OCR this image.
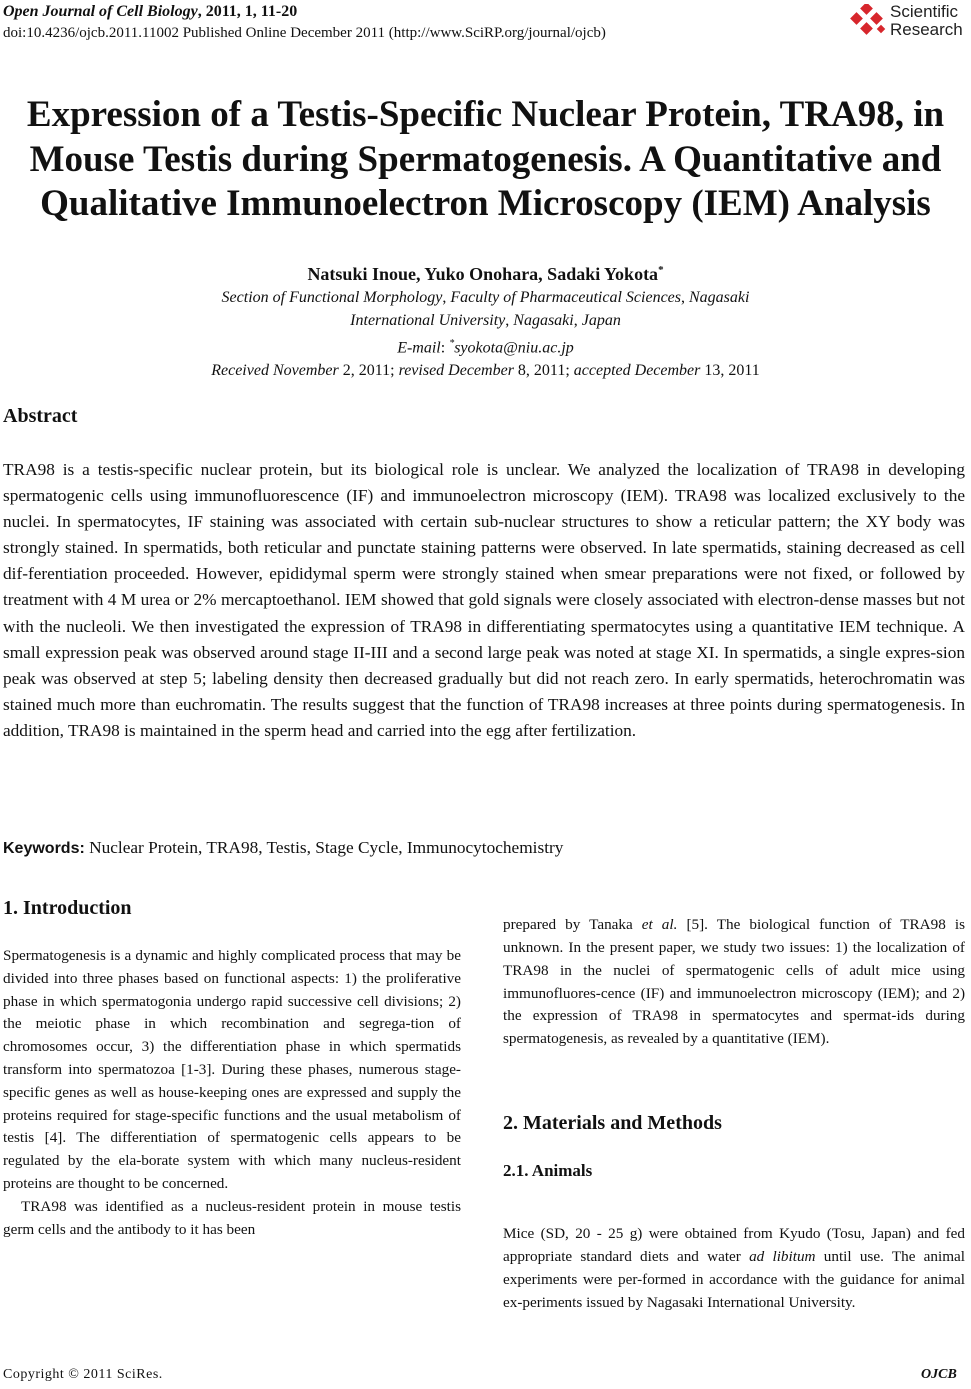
Open Journal of Cell Biology, 2011, 1, 11-20
doi:10.4236/ojcb.2011.11002 Published Online December 2011 (http://www.SciRP.org/journal/ojcb)
Scientific
Research
Expression of a Testis-Specific Nuclear Protein, TRA98, in
Mouse Testis during Spermatogenesis. A Quantitative and
Qualitative Immunoelectron Microscopy (IEM) Analysis
Natsuki Inoue, Yuko Onohara, Sadaki Yokota*
Section of Functional Morphology, Faculty of Pharmaceutical Sciences, Nagasaki
International University, Nagasaki, Japan
E-mail: *syokota@niu.ac.jp
Received November 2, 2011; revised December 8, 2011; accepted December 13, 2011
Abstract

TRA98 is a testis-specific nuclear protein, but its biological role is unclear. We analyzed the localization of TRA98 in developing spermatogenic cells using immunofluorescence (IF) and immunoelectron microscopy (IEM). TRA98 was localized exclusively to the nuclei. In spermatocytes, IF staining was associated with certain sub-nuclear structures to show a reticular pattern; the XY body was strongly stained. In spermatids, both reticular and punctate staining patterns were observed. In late spermatids, staining decreased as cell dif-ferentiation proceeded. However, epididymal sperm were strongly stained when smear preparations were not fixed, or followed by treatment with 4 M urea or 2% mercaptoethanol. IEM showed that gold signals were closely associated with electron-dense masses but not with the nucleoli. We then investigated the expression of TRA98 in differentiating spermatocytes using a quantitative IEM technique. A small expression peak was observed around stage II-III and a second large peak was noted at stage XI. In spermatids, a single expres-sion peak was observed at step 5; labeling density then decreased gradually but did not reach zero. In early spermatids, heterochromatin was stained much more than euchromatin. The results suggest that the function of TRA98 increases at three points during spermatogenesis. In addition, TRA98 is maintained in the sperm head and carried into the egg after fertilization.

Keywords: Nuclear Protein, TRA98, Testis, Stage Cycle, Immunocytochemistry
1. Introduction

Spermatogenesis is a dynamic and highly complicated process that may be divided into three phases based on functional aspects: 1) the proliferative phase in which spermatogonia undergo rapid successive cell divisions; 2) the meiotic phase in which recombination and segrega-tion of chromosomes occur, 3) the differentiation phase in which spermatids transform into spermatozoa [1-3]. During these phases, numerous stage-specific genes as well as house-keeping ones are expressed and supply the proteins required for stage-specific functions and the usual metabolism of testis [4]. The differentiation of spermatogenic cells appears to be regulated by the ela-borate system with which many nucleus-resident proteins are thought to be concerned.

TRA98 was identified as a nucleus-resident protein in mouse testis germ cells and the antibody to it has been

prepared by Tanaka et al. [5]. The biological function of TRA98 is unknown. In the present paper, we study two issues: 1) the localization of TRA98 in the nuclei of spermatogenic cells of adult mice using immunofluores-cence (IF) and immunoelectron microscopy (IEM); and 2) the expression of TRA98 in spermatocytes and spermat-ids during spermatogenesis, as revealed by a quantitative (IEM).

2. Materials and Methods
2.1. Animals

Mice (SD, 20 - 25 g) were obtained from Kyudo (Tosu, Japan) and fed appropriate standard diets and water ad libitum until use. The animal experiments were per-formed in accordance with the guidance for animal ex-periments issued by Nagasaki International University.

Copyright © 2011 SciRes.	OJCB
